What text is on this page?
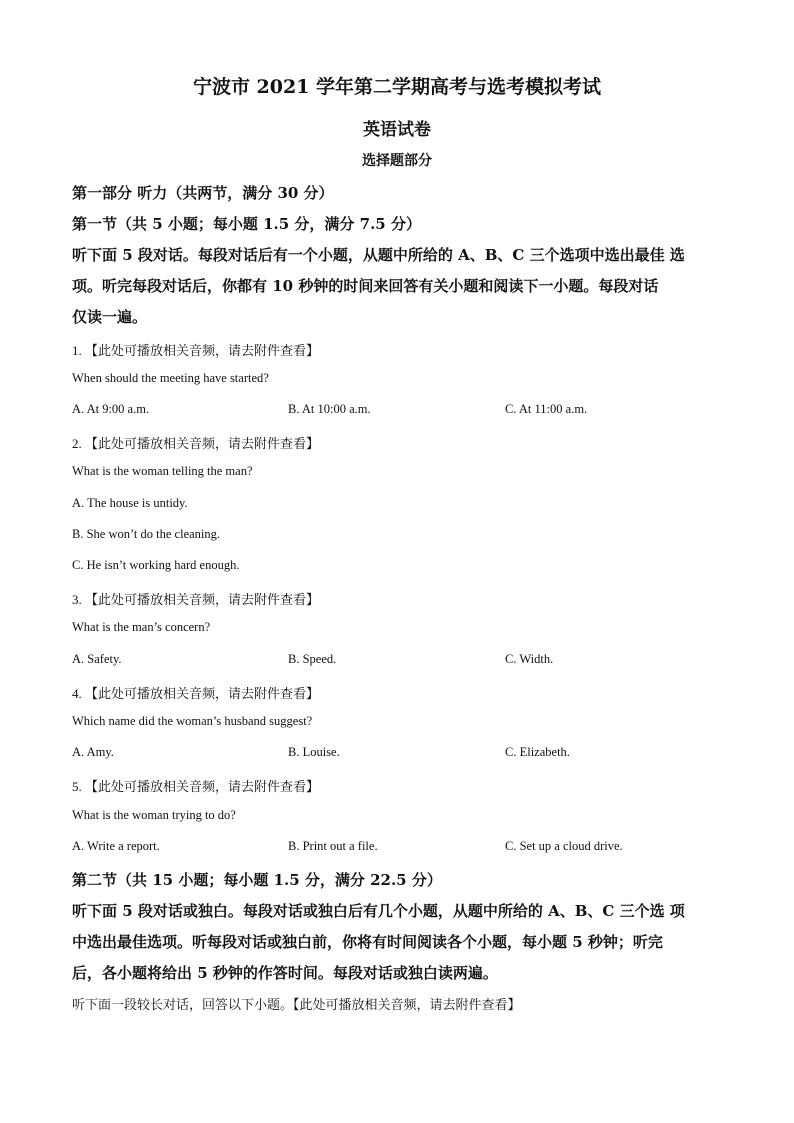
宁波市 2021 学年第二学期高考与选考模拟考试
英语试卷
选择题部分
第一部分 听力（共两节，满分 30 分）
第一节（共 5 小题；每小题 1.5 分，满分 7.5 分）
听下面 5 段对话。每段对话后有一个小题，从题中所给的 A、B、C 三个选项中选出最佳 选
项。听完每段对话后，你都有 10 秒钟的时间来回答有关小题和阅读下一小题。每段对话
仅读一遍。
1. 【此处可播放相关音频，请去附件查看】
When should the meeting have started?
A. At 9:00 a.m.	B. At 10:00 a.m.	C. At 11:00 a.m.
2. 【此处可播放相关音频，请去附件查看】
What is the woman telling the man?
A. The house is untidy.
B. She won’t do the cleaning.
C. He isn’t working hard enough.
3. 【此处可播放相关音频，请去附件查看】
What is the man’s concern?
A. Safety.	B. Speed.	C. Width.
4. 【此处可播放相关音频，请去附件查看】
Which name did the woman’s husband suggest?
A. Amy.	B. Louise.	C. Elizabeth.
5. 【此处可播放相关音频，请去附件查看】
What is the woman trying to do?
A. Write a report.	B. Print out a file.	C. Set up a cloud drive.
第二节（共 15 小题；每小题 1.5 分，满分 22.5 分）
听下面 5 段对话或独白。每段对话或独白后有几个小题，从题中所给的 A、B、C 三个选 项
中选出最佳选项。听每段对话或独白前，你将有时间阅读各个小题，每小题 5 秒钟；听完
后，各小题将给出 5 秒钟的作答时间。每段对话或独白读两遍。
听下面一段较长对话，回答以下小题。【此处可播放相关音频，请去附件查看】
